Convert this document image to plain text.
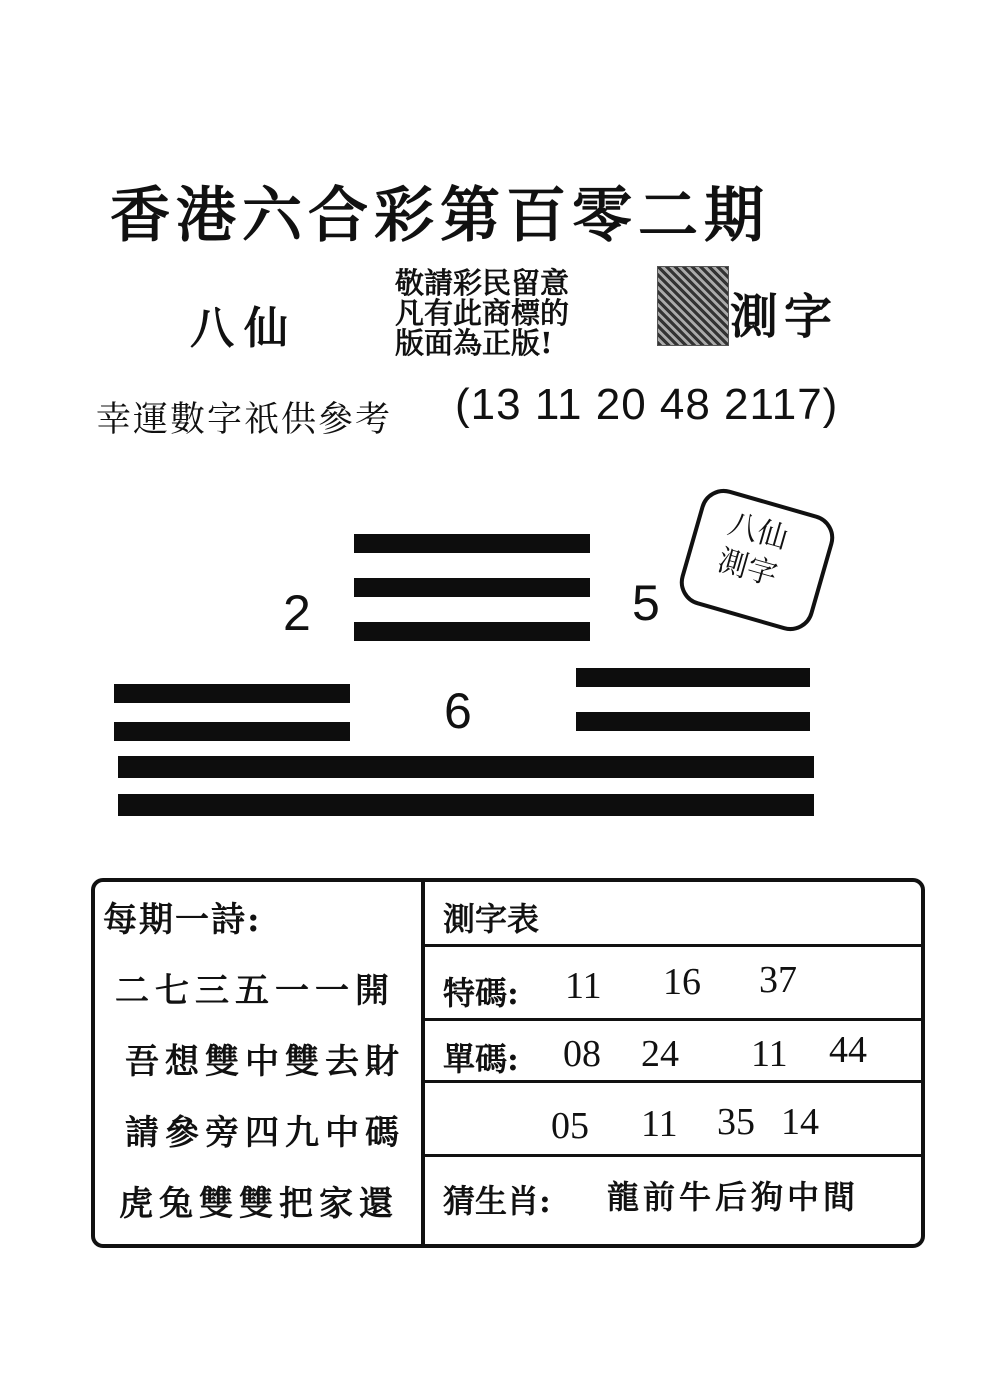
香港六合彩第百零二期
八仙
敬請彩民留意
凡有此商標的
版面為正版!	測字
幸運數字祇供參考 (13 11 20 48 2117)
八仙
測字
2	5
6
每期一詩:
二七三五一一開
吾想雙中雙去財
請參旁四九中碼
虎兔雙雙把家還
測字表
特碼: 11 16 37
單碼: 08 24 11 44
05 11 35 14
猜生肖: 龍前牛后狗中間
